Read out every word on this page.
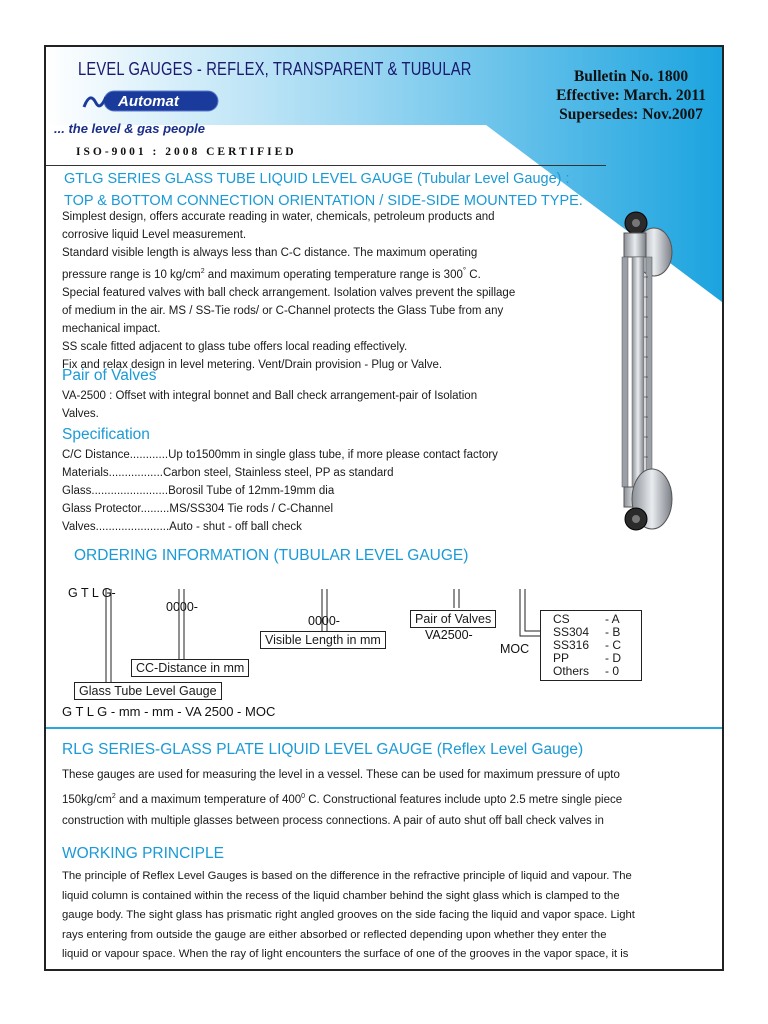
LEVEL GAUGES - REFLEX, TRANSPARENT & TUBULAR	Bulletin No. 1800
Effective: March. 2011
Supersedes: Nov.2007
Automat
... the level & gas people
ISO-9001 : 2008 CERTIFIED
GTLG SERIES GLASS TUBE LIQUID LEVEL GAUGE (Tubular Level Gauge) :
TOP & BOTTOM CONNECTION ORIENTATION / SIDE-SIDE MOUNTED TYPE.

Simplest design, offers accurate reading in water, chemicals, petroleum products and

corrosive liquid Level measurement.

Standard visible length is always less than C-C distance. The maximum operating

pressure range is 10 $kg/cm^2$ and maximum operating temperature range is 300° C.

Special featured valves with ball check arrangement. Isolation valves prevent the spillage

of medium in the air. MS / SS-Tie rods/ or C-Channel protects the Glass Tube from any

mechanical impact.

SS scale fitted adjacent to glass tube offers local reading effectively.

Fix and relax design in level metering. Vent/Drain provision - Plug or Valve.

Pair of Valves

VA-2500 : Offset with integral bonnet and Ball check arrangement-pair of Isolation

Valves.

Specification
C/C Distance............ Up to1500mm in single glass tube, if more please contact factory
Materials................. Carbon steel, Stainless steel, PP as standard
Glass........................ Borosil Tube of 12mm-19mm dia
Glass Protector......... MS/SS304 Tie rods / C-Channel
Valves....................... Auto - shut - off ball check
ORDERING INFORMATION (TUBULAR LEVEL GAUGE)

G T L G-

0000-

0000-

VA2500-

MOC

Pair of Valves
Visible Length in mm
CC-Distance in mm
Glass Tube Level Gauge
CS	- A
SS304	- B
SS316	- C
PP	- D
Others	- 0
G T L G - mm - mm - VA 2500 - MOC
RLG SERIES-GLASS PLATE LIQUID LEVEL GAUGE (Reflex Level Gauge)

These gauges are used for measuring the level in a vessel. These can be used for maximum pressure of upto

$150kg/cm^2$ and a maximum temperature of $400^0$ C. Constructional features include upto 2.5 metre single piece

construction with multiple glasses between process connections. A pair of auto shut off ball check valves in

WORKING PRINCIPLE

The principle of Reflex Level Gauges is based on the difference in the refractive principle of liquid and vapour. The

liquid column is contained within the recess of the liquid chamber behind the sight glass which is clamped to the

gauge body. The sight glass has prismatic right angled grooves on the side facing the liquid and vapor space. Light

rays entering from outside the gauge are either absorbed or reflected depending upon whether they enter the

liquid or vapour space. When the ray of light encounters the surface of one of the grooves in the vapor space, it is
